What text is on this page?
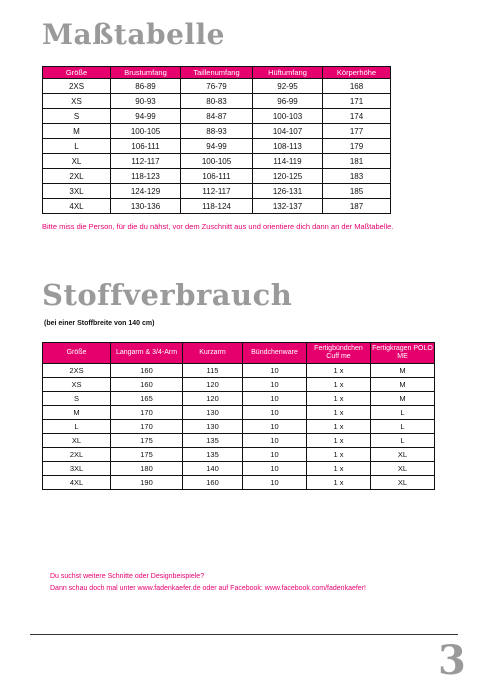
Maßtabelle
Größe	Brustumfang	Taillenumfang	Hüftumfang	Körperhöhe
2XS	86-89	76-79	92-95	168
XS	90-93	80-83	96-99	171
S	94-99	84-87	100-103	174
M	100-105	88-93	104-107	177
L	106-111	94-99	108-113	179
XL	112-117	100-105	114-119	181
2XL	118-123	106-111	120-125	183
3XL	124-129	112-117	126-131	185
4XL	130-136	118-124	132-137	187

Bitte miss die Person, für die du nähst, vor dem Zuschnitt aus und orientiere dich dann an der Maßtabelle.

Stoffverbrauch

(bei einer Stoffbreite von 140 cm)

Größe	Langarm & 3/4-Arm	Kurzarm	Bündchenware	Fertigbündchen Cuff me	Fertigkragen POLO ME
2XS	160	115	10	1 x	M
XS	160	120	10	1 x	M
S	165	120	10	1 x	M
M	170	130	10	1 x	L
L	170	130	10	1 x	L
XL	175	135	10	1 x	L
2XL	175	135	10	1 x	XL
3XL	180	140	10	1 x	XL
4XL	190	160	10	1 x	XL

Du suchst weitere Schnitte oder Designbeispiele?

Dann schau doch mal unter www.fadenkaefer.de oder auf Facebook: www.facebook.com/fadenkaefer!

3
